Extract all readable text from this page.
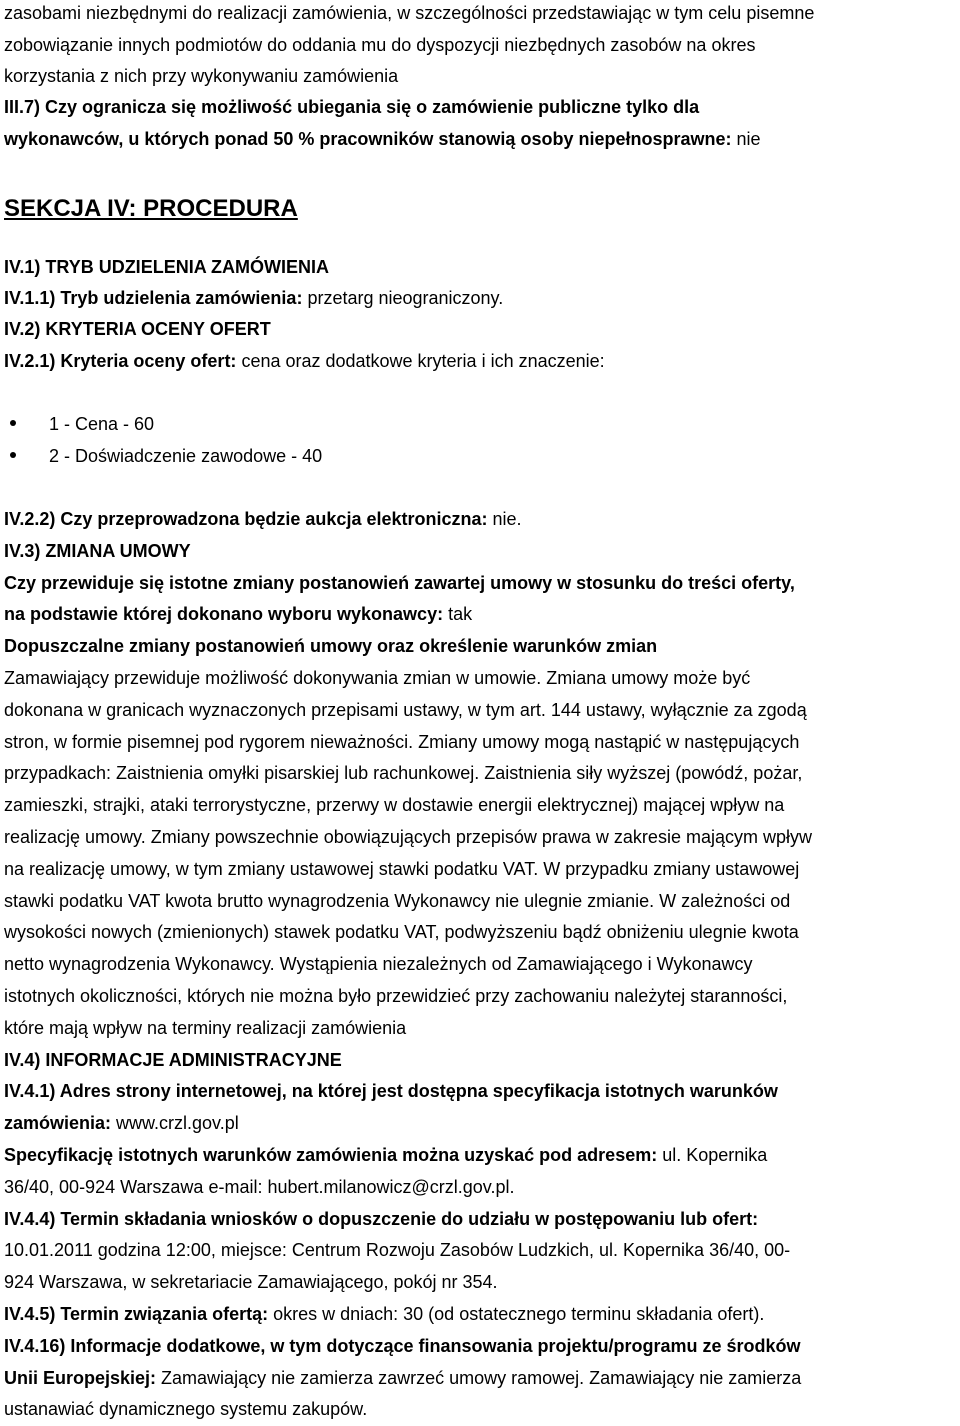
zasobami niezbędnymi do realizacji zamówienia, w szczególności przedstawiając w tym celu pisemne
zobowiązanie innych podmiotów do oddania mu do dyspozycji niezbędnych zasobów na okres
korzystania z nich przy wykonywaniu zamówienia
III.7) Czy ogranicza się możliwość ubiegania się o zamówienie publiczne tylko dla
wykonawców, u których ponad 50 % pracowników stanowią osoby niepełnosprawne: nie
SEKCJA IV: PROCEDURA
IV.1) TRYB UDZIELENIA ZAMÓWIENIA
IV.1.1) Tryb udzielenia zamówienia: przetarg nieograniczony.
IV.2) KRYTERIA OCENY OFERT
IV.2.1) Kryteria oceny ofert: cena oraz dodatkowe kryteria i ich znaczenie:
1 - Cena - 60
2 - Doświadczenie zawodowe - 40
IV.2.2) Czy przeprowadzona będzie aukcja elektroniczna: nie.
IV.3) ZMIANA UMOWY
Czy przewiduje się istotne zmiany postanowień zawartej umowy w stosunku do treści oferty,
na podstawie której dokonano wyboru wykonawcy: tak
Dopuszczalne zmiany postanowień umowy oraz określenie warunków zmian
Zamawiający przewiduje możliwość dokonywania zmian w umowie. Zmiana umowy może być
dokonana w granicach wyznaczonych przepisami ustawy, w tym art. 144 ustawy, wyłącznie za zgodą
stron, w formie pisemnej pod rygorem nieważności. Zmiany umowy mogą nastąpić w następujących
przypadkach: Zaistnienia omyłki pisarskiej lub rachunkowej. Zaistnienia siły wyższej (powódź, pożar,
zamieszki, strajki, ataki terrorystyczne, przerwy w dostawie energii elektrycznej) mającej wpływ na
realizację umowy. Zmiany powszechnie obowiązujących przepisów prawa w zakresie mającym wpływ
na realizację umowy, w tym zmiany ustawowej stawki podatku VAT. W przypadku zmiany ustawowej
stawki podatku VAT kwota brutto wynagrodzenia Wykonawcy nie ulegnie zmianie. W zależności od
wysokości nowych (zmienionych) stawek podatku VAT, podwyższeniu bądź obniżeniu ulegnie kwota
netto wynagrodzenia Wykonawcy. Wystąpienia niezależnych od Zamawiającego i Wykonawcy
istotnych okoliczności, których nie można było przewidzieć przy zachowaniu należytej staranności,
które mają wpływ na terminy realizacji zamówienia
IV.4) INFORMACJE ADMINISTRACYJNE
IV.4.1) Adres strony internetowej, na której jest dostępna specyfikacja istotnych warunków
zamówienia: www.crzl.gov.pl
Specyfikację istotnych warunków zamówienia można uzyskać pod adresem: ul. Kopernika
36/40, 00-924 Warszawa e-mail: hubert.milanowicz@crzl.gov.pl.
IV.4.4) Termin składania wniosków o dopuszczenie do udziału w postępowaniu lub ofert:
10.01.2011 godzina 12:00, miejsce: Centrum Rozwoju Zasobów Ludzkich, ul. Kopernika 36/40, 00-
924 Warszawa, w sekretariacie Zamawiającego, pokój nr 354.
IV.4.5) Termin związania ofertą: okres w dniach: 30 (od ostatecznego terminu składania ofert).
IV.4.16) Informacje dodatkowe, w tym dotyczące finansowania projektu/programu ze środków
Unii Europejskiej: Zamawiający nie zamierza zawrzeć umowy ramowej. Zamawiający nie zamierza
ustanawiać dynamicznego systemu zakupów.
